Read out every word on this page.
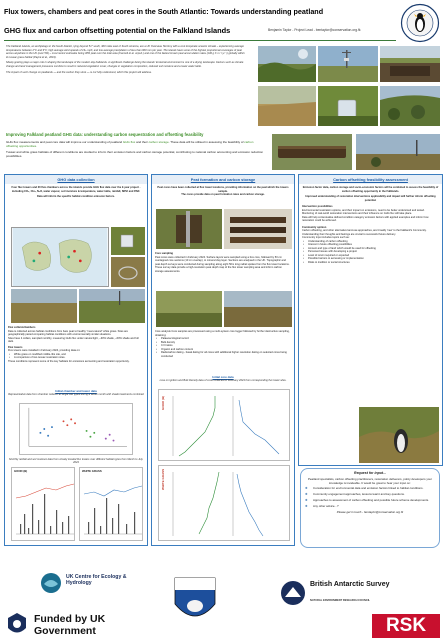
Flux towers, chambers and peat cores in the South Atlantic: Towards understanding peatland
GHG flux and carbon offsetting potential on the Falkland Islands	Benjamin Taylor - Project Lead - bentaylor@conservation.org.fk

The Falkland Islands, an archipelago in the South Atlantic, lying beyond 51° south, 300 miles east of South America, are a UK Overseas Territory with a cool temperate oceanic climate – experiencing average temperatures between 2°C and 9°C; high average wind speeds of 19+ mph; and low average precipitation of less than 600 mm per year. The islands have some of the highest proportional coverages of peat across anywhere in the UK (over 5%) – most recent estimates being 38% peat over the total area (Cannell et al. unpub.) and one of the fastest known peat accumulation rates (130 g C m⁻² yr⁻¹) globally within its tussac grass habitat (Payne et al., 2019).

Sheep grazing plays a major role in shaping the landscape of the modern day Falklands. A significant challenge facing the islands' terrestrial environment is one of a drying landscape. Factors such as climate change and land management pressures combine to result in reduced vegetation cover, changes in vegetation composition, reduced soil moisture and a lower water table.

The impact of such change on peatlands — and the carbon they store — is not fully understood, which this project will address.

Improving Falkland peatland GHG data: understanding carbon sequestration and offsetting feasibility

GHG flux measurements and peat core data will improve our understanding of peatland GHG flux and their carbon storage. These data will be utilised in assessing the feasibility of carbon offsetting opportunities.

Tussac and white grass habitats of different conditions are studied to inform their emission factors and carbon storage potential, contributing to national carbon accounting and emission reduction possibilities.

GHG data collection

Four flux towers and 20 flux chambers across the islands provide GHG flux data over the 2-year project - including CO₂, CH₄, N₂O, water vapour, soil moisture & temperature, water table, rainfall, NDVI and PAR.

Data will inform the specific habitat condition emission factors.

Flux collars/chambers

Data is collected across habitat conditions from bare peat to healthy "near-natural" white grass. Sites are geographically paired comparing habitat conditions with environmentally similar situations.

Sites have 4 collars, sampled monthly, measuring GHG flux under natural light, ~30% shade, ~60% shade and full dark.

Flux towers

Flux towers were installed in February 2024, providing data on:

• White grass on modified middle-ribs site, and
• A comparison of two tussac restoration sites.

These conditions represent some of the key habitats for emissions accounting and restoration opportunity.

Initial chamber and tower data

Representative data from chamber network at single site types during a winter month with shade treatments combined

Monthly rainfall and soil moisture data from closely located flux towers over different habitat types from March to July 2024

GOOD (B)	WHITE GRASS
Peat formation and carbon storage

Peat cores have been collected at flux tower locations, providing information on the peat which the towers sample.

The cores provide data on peat formation rates and carbon storage.

Core sampling

Peat cores were collected in February 2024. Surface layers were sampled using a box core, followed by 50 cm overlapped core sections (10 cm overlap), to mineral clay layer. Sections are analysed in the UK. Topographic and peat depth surveys were conducted during sampling along eight 50m long radial spokes from the flux tower locations. These survey data provide a high-resolution peat depth map of the flux tower sampling area and inform carbon storage assessments.

Core analysis Core samples are processed using a multi-system core logger followed by further destructive sampling, obtaining:

• Palaeoecological record
• Bulk density
• C:N ratios
• Organic and carbon content
• Radiocarbon dating - basal dating for all cores with additional higher resolution dating on selected cores being conducted

Initial core data

Loss on ignition and Bulk Density data of cores collected in February 2024 from corresponding flux tower sites.

GOOD (B)
WHITE GRASS
Carbon offsetting feasibility assessment

Emission factor data, carbon storage and socio-economic factors will be combined to assess the feasibility of carbon offsetting opportunity in the Falklands.

Improved understanding of restoration interventions applicability and impact will further inform offsetting potential.

Intervention possibilities

Environmental restoration options, and their impact on emissions, need to be better understood and tested.

Monitoring of real-world restoration interventions and their influence on GHG flux will take place.

Data will help contextualise defined condition category emission factors with applied examples and inform how restoration could be achieved.

Community opinion

Carbon offsetting, and other alternative land-use approaches, are broadly 'new' to the Falkland's Community. Understanding their thoughts and feelings are crucial to successful future delivery.

Community input includes topics such as:

• Understanding of carbon offsetting
• Interest in future offsetting possibilities
• Amount and type of land which would be used for offsetting
• Perceived issues with developing a project
• Level of return required or expected
• Possible barriers to accessing or implementation
• Risks to tradition or social structures

Request for input...

Peatland specialists, carbon offsetting practitioners, restoration deliverers, policy developers your knowledge is invaluable. It would be great to hear your input on:

✱ Consideration for environmental data and emission factors linked to habitat conditions.
✱ Community engagement approaches, lessons learnt and key questions.
✱ Approaches to assessment of carbon offsetting and possible future scheme developments.
✱ Any other advice...?

Please get in touch - bentaylor@conservation.org.fk

UK Centre for Ecology & Hydrology
Funded by UK Government
British Antarctic Survey
NATURAL ENVIRONMENT RESEARCH COUNCIL
RSK
